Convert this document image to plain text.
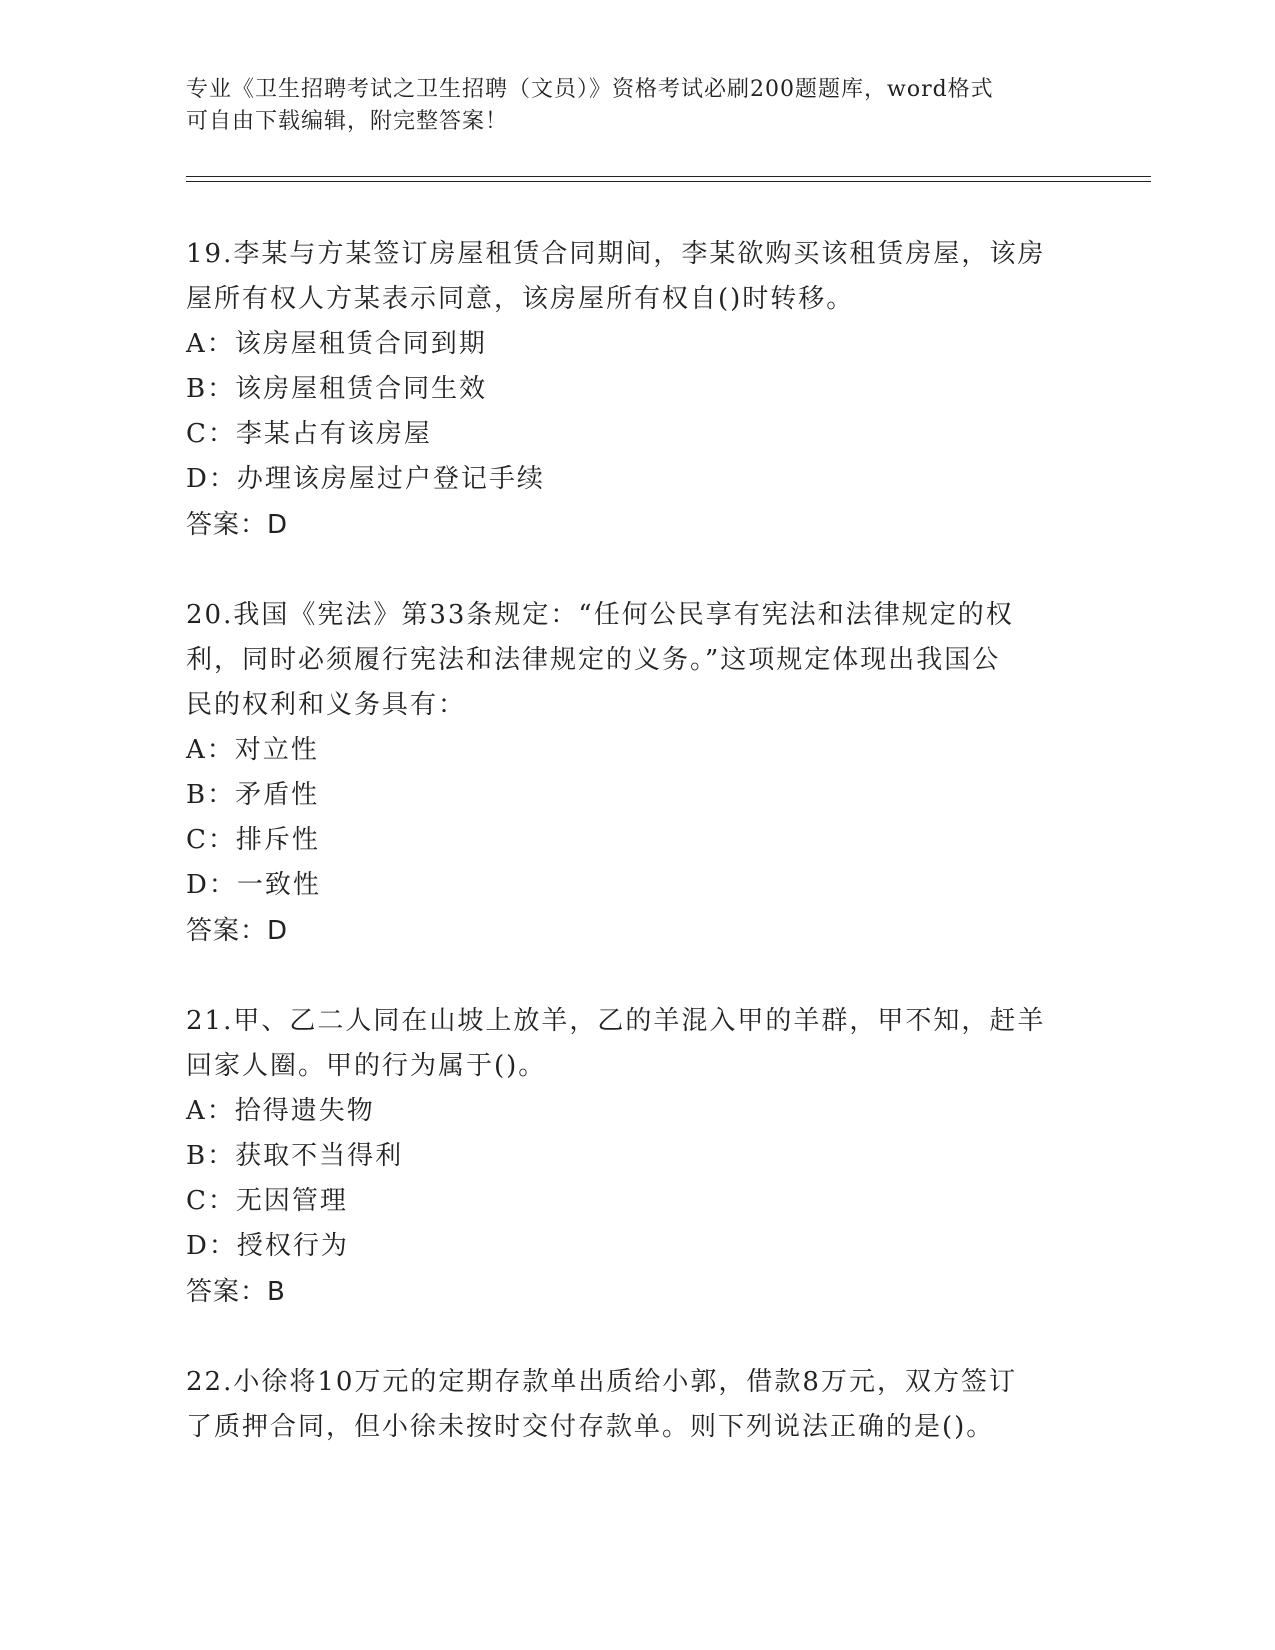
专业《卫生招聘考试之卫生招聘（文员）》资格考试必刷200题题库，word格式
可自由下载编辑，附完整答案！
19.李某与方某签订房屋租赁合同期间，李某欲购买该租赁房屋，该房
屋所有权人方某表示同意，该房屋所有权自()时转移。
A：该房屋租赁合同到期
B：该房屋租赁合同生效
C：李某占有该房屋
D：办理该房屋过户登记手续
答案：D
20.我国《宪法》第33条规定：“任何公民享有宪法和法律规定的权
利，同时必须履行宪法和法律规定的义务。”这项规定体现出我国公
民的权利和义务具有：
A：对立性
B：矛盾性
C：排斥性
D：一致性
答案：D
21.甲、乙二人同在山坡上放羊，乙的羊混入甲的羊群，甲不知，赶羊
回家人圈。甲的行为属于()。
A：拾得遗失物
B：获取不当得利
C：无因管理
D：授权行为
答案：B
22.小徐将10万元的定期存款单出质给小郭，借款8万元，双方签订
了质押合同，但小徐未按时交付存款单。则下列说法正确的是()。
